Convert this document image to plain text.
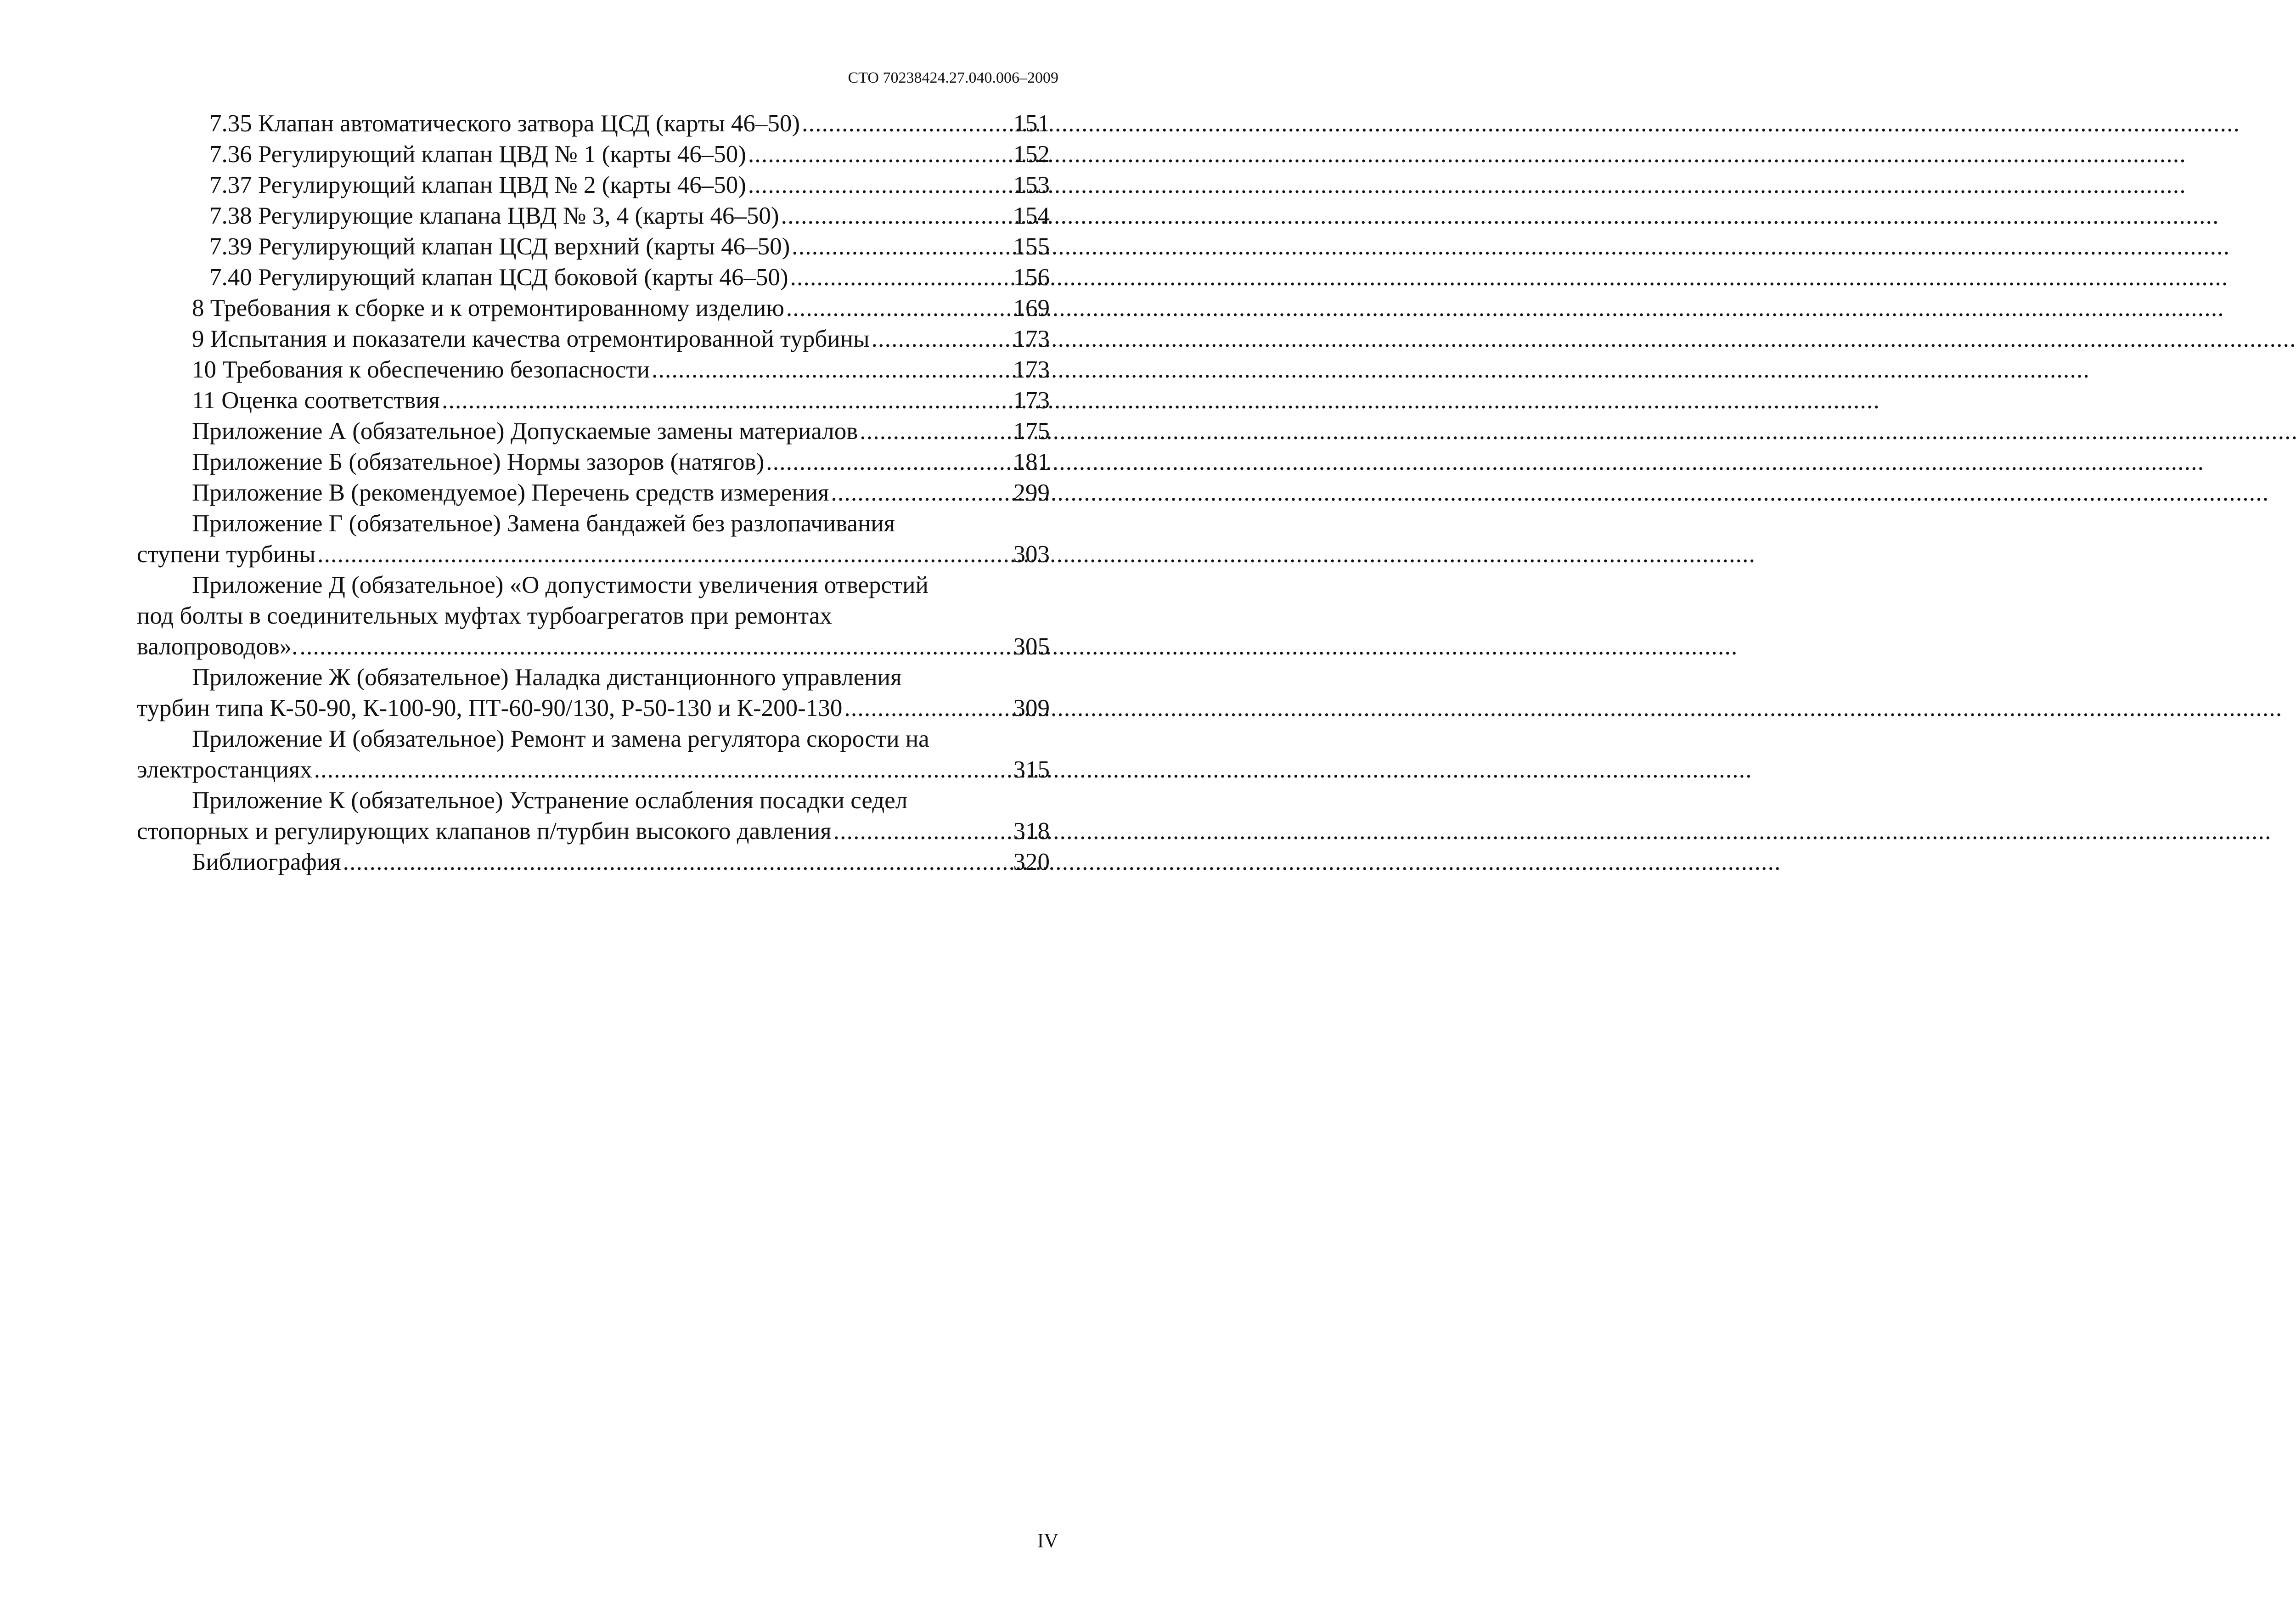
СТО 70238424.27.040.006–2009
7.35 Клапан автоматического затвора ЦСД (карты 46–50) . . .	151
7.36 Регулирующий клапан ЦВД № 1 (карты 46–50) . . .	152
7.37 Регулирующий клапан ЦВД № 2 (карты 46–50) . . .	153
7.38 Регулирующие клапана ЦВД № 3, 4 (карты 46–50) . . .	154
7.39 Регулирующий клапан ЦСД верхний (карты 46–50) . . .	155
7.40 Регулирующий клапан ЦСД боковой (карты 46–50) . . .	156
8 Требования к сборке и к отремонтированному изделию . . .	169
9 Испытания и показатели качества отремонтированной турбины . . .	173
10 Требования к обеспечению безопасности . . .	173
11 Оценка соответствия . . .	173
Приложение А (обязательное) Допускаемые замены материалов . . .	175
Приложение Б (обязательное) Нормы зазоров (натягов) . . .	181
Приложение В (рекомендуемое) Перечень средств измерения . . .	299
Приложение Г (обязательное) Замена бандажей без разлопачивания
ступени турбины . . .	303
Приложение Д (обязательное) «О допустимости увеличения отверстий
под болты в соединительных муфтах турбоагрегатов при ремонтах
валопроводов». . . .	305
Приложение Ж (обязательное) Наладка дистанционного управления
турбин типа К-50-90, К-100-90, ПТ-60-90/130, Р-50-130 и К-200-130 . . .	309
Приложение И (обязательное) Ремонт и замена регулятора скорости на
электростанциях . . .	315
Приложение К (обязательное) Устранение ослабления посадки седел
стопорных и регулирующих клапанов п/турбин высокого давления . . .	318
Библиография . . .	320
IV
